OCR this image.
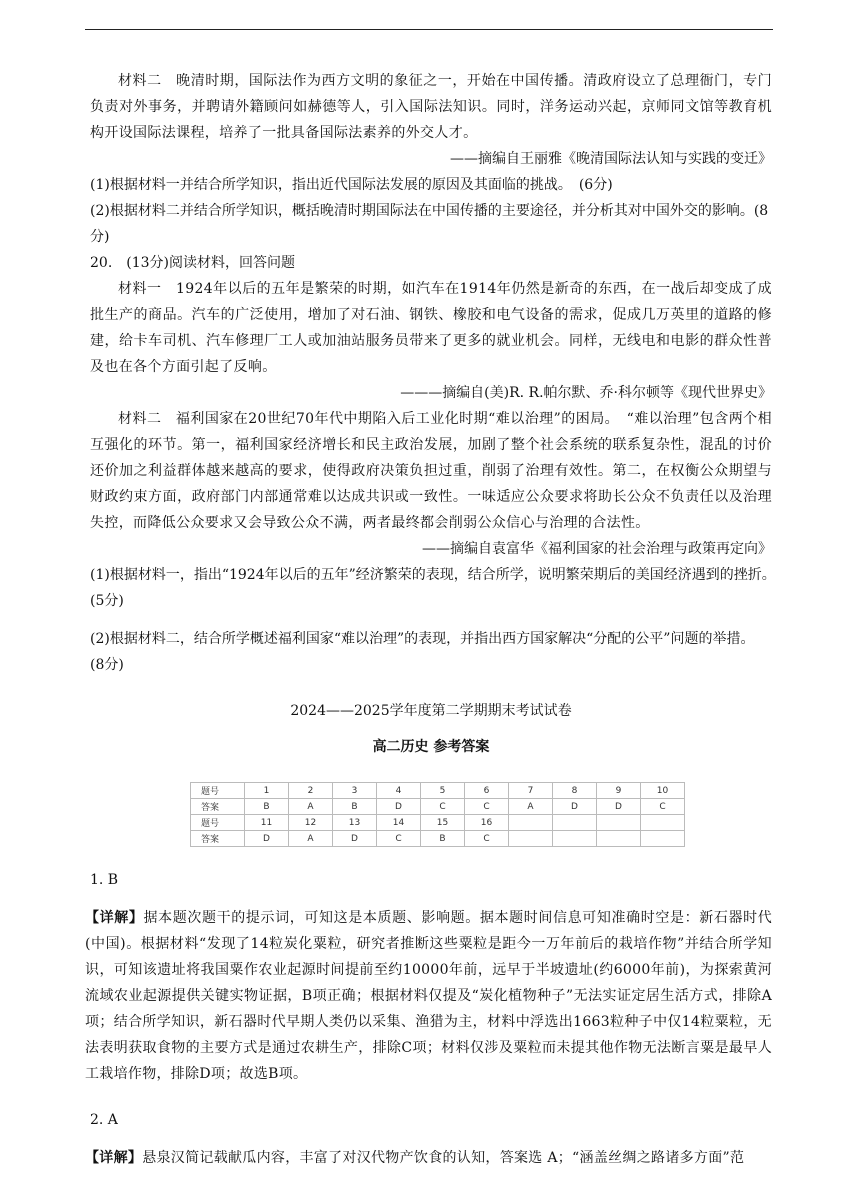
材料二　 晚清时期，国际法作为西方文明的象征之一，开始在中国传播。清政府设立了总理衙门，专门负责对外事务，并聘请外籍顾问如赫德等人，引入国际法知识。同时，洋务运动兴起，京师同文馆等教育机构开设国际法课程，培养了一批具备国际法素养的外交人才。

——摘编自王丽雅《晚清国际法认知与实践的变迁》

(1)根据材料一并结合所学知识，指出近代国际法发展的原因及其面临的挑战。　(6分)

(2)根据材料二并结合所学知识，概括晚清时期国际法在中国传播的主要途径，并分析其对中国外交的影响。(8分)

20.　(13分)阅读材料，回答问题

材料一　 1924年以后的五年是繁荣的时期，如汽车在1914年仍然是新奇的东西，在一战后却变成了成批生产的商品。汽车的广泛使用，增加了对石油、钢铁、橡胶和电气设备的需求，促成几万英里的道路的修建，给卡车司机、汽车修理厂工人或加油站服务员带来了更多的就业机会。同样，无线电和电影的群众性普及也在各个方面引起了反响。

———摘编自(美)R. R.帕尔默、乔·科尔顿等《现代世界史》

材料二　 福利国家在20世纪70年代中期陷入后工业化时期“难以治理”的困局。　“难以治理”包含两个相互强化的环节。第一，福利国家经济增长和民主政治发展，加剧了整个社会系统的联系复杂性，混乱的讨价还价加之利益群体越来越高的要求，使得政府决策负担过重，削弱了治理有效性。第二，在权衡公众期望与财政约束方面，政府部门内部通常难以达成共识或一致性。一味适应公众要求将助长公众不负责任以及治理失控，而降低公众要求又会导致公众不满，两者最终都会削弱公众信心与治理的合法性。

——摘编自袁富华《福利国家的社会治理与政策再定向》

(1)根据材料一，指出“1924年以后的五年”经济繁荣的表现，结合所学，说明繁荣期后的美国经济遇到的挫折。　(5分)

(2)根据材料二，结合所学概述福利国家“难以治理”的表现，并指出西方国家解决“分配的公平”问题的举措。　(8分)

2024——2025学年度第二学期期末考试试卷

高二历史 参考答案

题号	1	2	3	4	5	6	7	8	9	10
答案	B	A	B	D	C	C	A	D	D	C
题号	11	12	13	14	15	16				
答案	D	A	D	C	B	C				

1. B

【详解】据本题次题干的提示词，可知这是本质题、影响题。据本题时间信息可知准确时空是：新石器时代(中国)。根据材料“发现了14粒炭化粟粒，研究者推断这些粟粒是距今一万年前后的栽培作物”并结合所学知识，可知该遗址将我国粟作农业起源时间提前至约10000年前，远早于半坡遗址(约6000年前)，为探索黄河流域农业起源提供关键实物证据，B项正确；根据材料仅提及“炭化植物种子”无法实证定居生活方式，排除A项；结合所学知识，新石器时代早期人类仍以采集、渔猎为主，材料中浮选出1663粒种子中仅14粒粟粒，无法表明获取食物的主要方式是通过农耕生产，排除C项；材料仅涉及粟粒而未提其他作物无法断言粟是最早人工栽培作物，排除D项；故选B项。

2. A

【详解】悬泉汉简记载献瓜内容，丰富了对汉代物产饮食的认知，答案选 A；“涵盖丝绸之路诸多方面”范
